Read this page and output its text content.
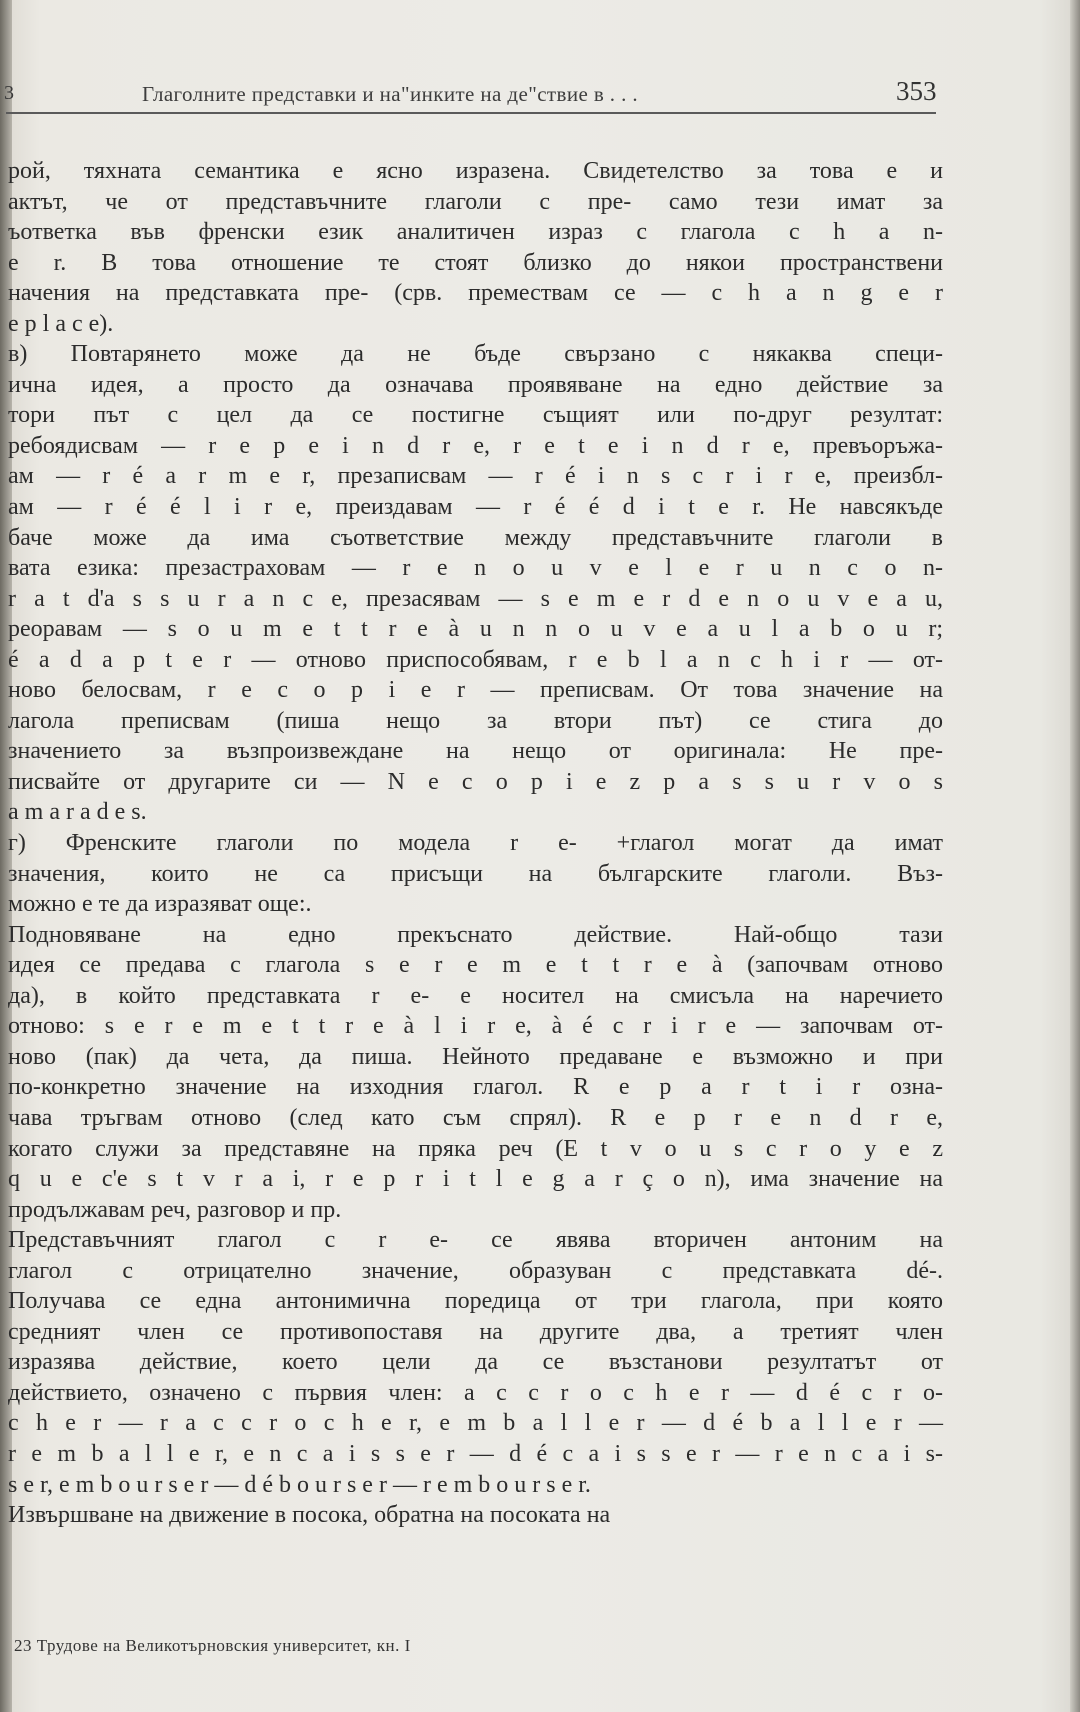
3	Глаголните представки и на"инките на де"ствие в . . .	353
рой, тяхната семантика е ясно изразена. Свидетелство за това е и
актът, че от представъчните глаголи с пре- само тези имат за
ъответка във френски език аналитичен израз с глагола c h a n-
e r. В това отношение те стоят близко до някои пространствени
начения на представката пре- (срв. премествам се — c h a n g e r
e p l a c e).
в) Повтарянето може да не бъде свързано с някаква специ-
ична идея, а просто да означава проявяване на едно действие за
тори път с цел да се постигне същият или по-друг резултат:
ребоядисвам — r e p e i n d r e, r e t e i n d r e, превъоръжа-
ам — r é a r m e r, презаписвам — r é i n s c r i r e, преизбл-
ам — r é é l i r e, преиздавам — r é é d i t e r. Не навсякъде
баче може да има съответствие между представъчните глаголи в
вата езика: презастраховам — r e n o u v e l e r u n c o n-
r a t d'a s s u r a n c e, презасявам — s e m e r d e n o u v e a u,
реоравам — s o u m e t t r e à u n n o u v e a u l a b o u r;
é a d a p t e r — отново приспособявам, r e b l a n c h i r — от-
ново белосвам, r e c o p i e r — преписвам. От това значение на
лагола преписвам (пиша нещо за втори път) се стига до
значението за възпроизвеждане на нещо от оригинала: Не пре-
писвайте от другарите си — N e c o p i e z p a s s u r v o s
a m a r a d e s.
г) Френските глаголи по модела r e- +глагол могат да имат
значения, които не са присъщи на българските глаголи. Въз-
можно е те да изразяват още:.
Подновяване на едно прекъснато действие. Най-общо тази
идея се предава с глагола s e r e m e t t r e à (започвам отново
да), в който представката r e- е носител на смисъла на наречието
отново: s e r e m e t t r e à l i r e, à é c r i r e — започвам от-
ново (пак) да чета, да пиша. Нейното предаване е възможно и при
по-конкретно значение на изходния глагол. R e p a r t i r озна-
чава тръгвам отново (след като съм спрял). R e p r e n d r e,
когато служи за представяне на пряка реч (E t v o u s c r o y e z
q u e c'e s t v r a i, r e p r i t l e g a r ç o n), има значение на
продължавам реч, разговор и пр.
Представъчният глагол с r e- се явява вторичен антоним на
глагол с отрицателно значение, образуван с представката dé-.
Получава се една антонимична поредица от три глагола, при която
средният член се противопоставя на другите два, а третият член
изразява действие, което цели да се възстанови резултатът от
действието, означено с първия член: a c c r o c h e r — d é c r o-
c h e r — r a c c r o c h e r, e m b a l l e r — d é b a l l e r —
r e m b a l l e r, e n c a i s s e r — d é c a i s s e r — r e n c a i s-
s e r, e m b o u r s e r — d é b o u r s e r — r e m b o u r s e r.
Извършване на движение в посока, обратна на посоката на
23 Трудове на Великотърновския университет, кн. I
